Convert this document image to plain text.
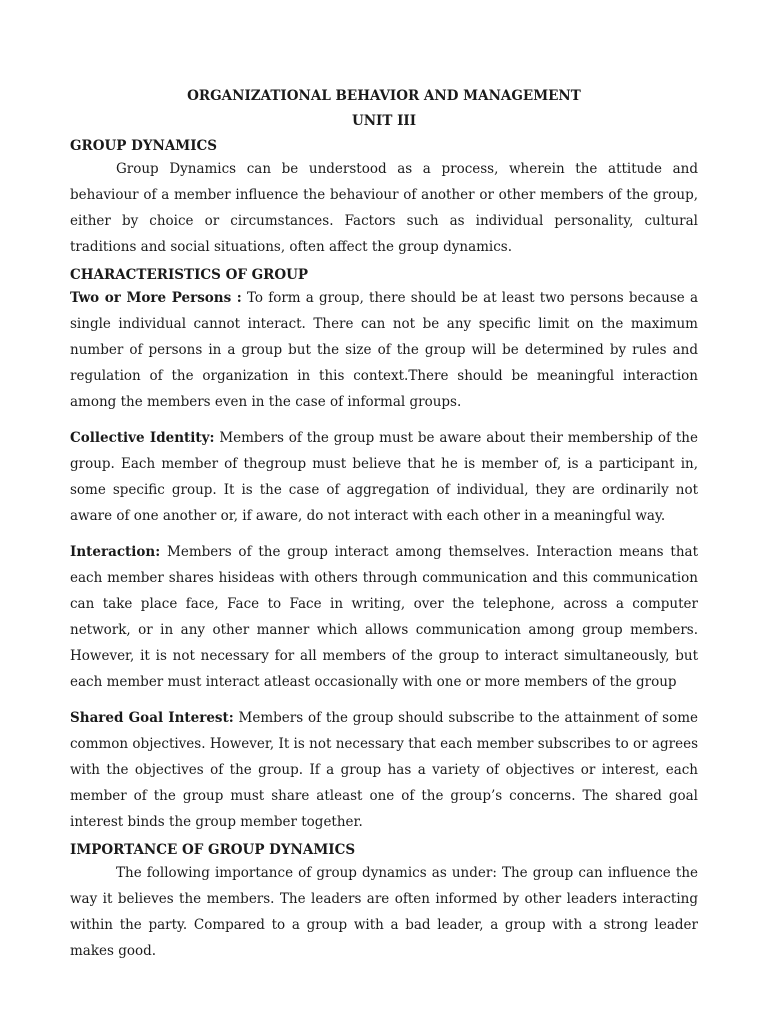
ORGANIZATIONAL BEHAVIOR AND MANAGEMENT

UNIT III

GROUP DYNAMICS

Group Dynamics can be understood as a process, wherein the attitude and behaviour of a member influence the behaviour of another or other members of the group, either by choice or circumstances. Factors such as individual personality, cultural traditions and social situations, often affect the group dynamics.

CHARACTERISTICS OF GROUP

Two or More Persons : To form a group, there should be at least two persons because a single individual cannot interact. There can not be any specific limit on the maximum number of persons in a group but the size of the group will be determined by rules and regulation of the organization in this context.There should be meaningful interaction among the members even in the case of informal groups.

Collective Identity: Members of the group must be aware about their membership of the group. Each member of thegroup must believe that he is member of, is a participant in, some specific group. It is the case of aggregation of individual, they are ordinarily not aware of one another or, if aware, do not interact with each other in a meaningful way.

Interaction: Members of the group interact among themselves. Interaction means that each member shares hisideas with others through communication and this communication can take place face, Face to Face in writing, over the telephone, across a computer network, or in any other manner which allows communication among group members. However, it is not necessary for all members of the group to interact simultaneously, but each member must interact atleast occasionally with one or more members of the group

Shared Goal Interest: Members of the group should subscribe to the attainment of some common objectives. However, It is not necessary that each member subscribes to or agrees with the objectives of the group. If a group has a variety of objectives or interest, each member of the group must share atleast one of the group’s concerns. The shared goal interest binds the group member together.

IMPORTANCE OF GROUP DYNAMICS

The following importance of group dynamics as under: The group can influence the way it believes the members. The leaders are often informed by other leaders interacting within the party. Compared to a group with a bad leader, a group with a strong leader makes good.
